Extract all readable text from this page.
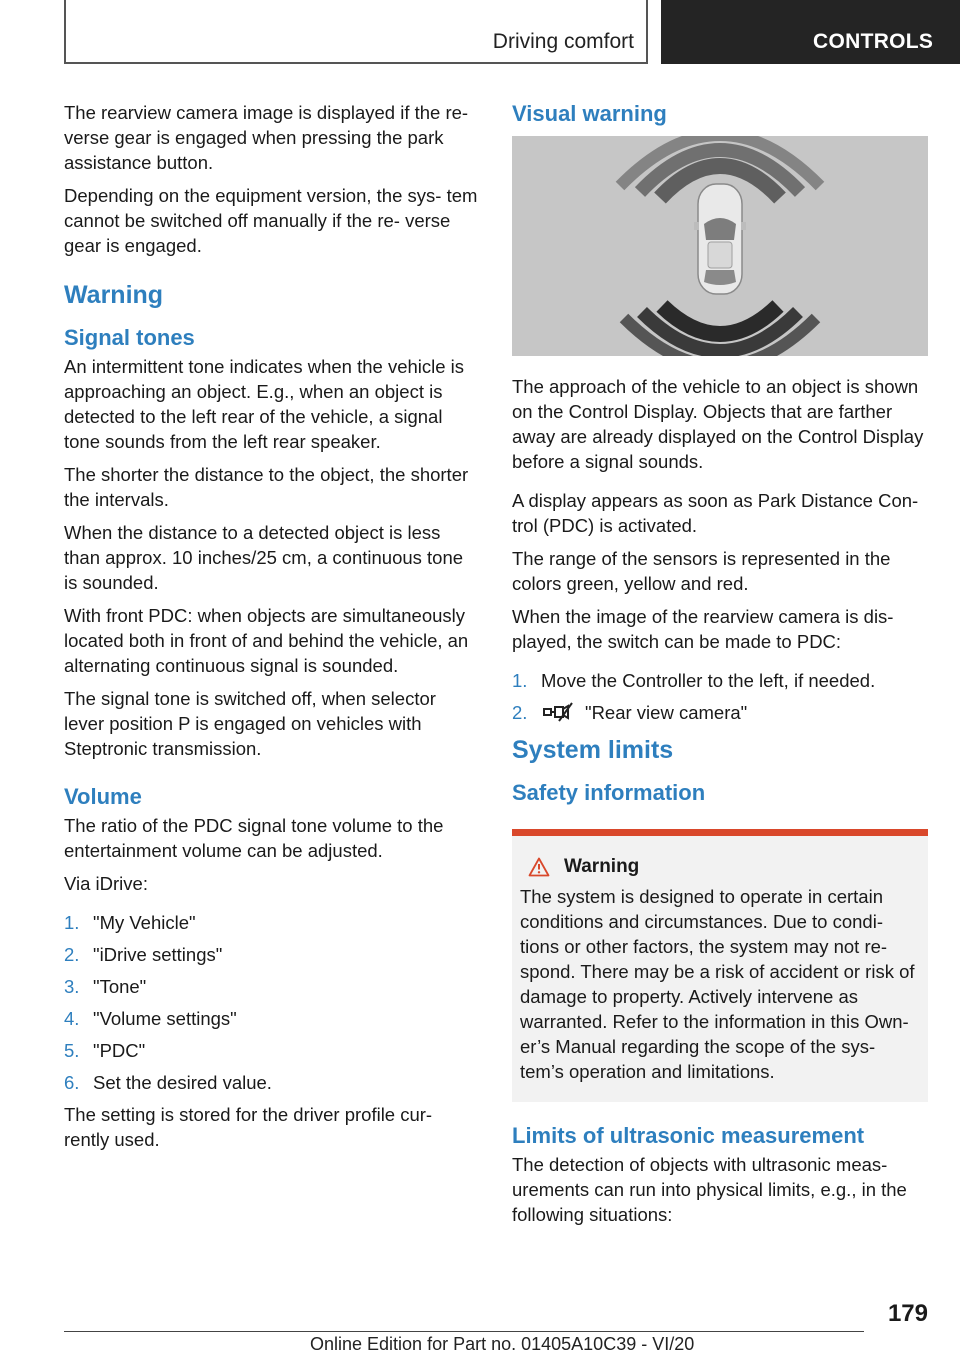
Driving comfort	CONTROLS

The rearview camera image is displayed if the re‐ verse gear is engaged when pressing the park assistance button.

Depending on the equipment version, the sys‐ tem cannot be switched off manually if the re‐ verse gear is engaged.

Warning
Signal tones

An intermittent tone indicates when the vehicle is approaching an object. E.g., when an object is detected to the left rear of the vehicle, a signal tone sounds from the left rear speaker.

The shorter the distance to the object, the shorter the intervals.

When the distance to a detected object is less than approx. 10 inches/25 cm, a continuous tone is sounded.

With front PDC: when objects are simultaneously located both in front of and behind the vehicle, an alternating continuous signal is sounded.

The signal tone is switched off, when selector lever position P is engaged on vehicles with Steptronic transmission.

Volume

The ratio of the PDC signal tone volume to the entertainment volume can be adjusted.

Via iDrive:

1. "My Vehicle"
2. "iDrive settings"
3. "Tone"
4. "Volume settings"
5. "PDC"
6. Set the desired value.

The setting is stored for the driver profile cur‐ rently used.

Visual warning

The approach of the vehicle to an object is shown on the Control Display. Objects that are farther away are already displayed on the Control Display before a signal sounds.

A display appears as soon as Park Distance Con‐ trol (PDC) is activated.

The range of the sensors is represented in the colors green, yellow and red.

When the image of the rearview camera is dis‐ played, the switch can be made to PDC:

1. Move the Controller to the left, if needed.
2.	"Rear view camera"
System limits
Safety information
Warning

The system is designed to operate in certain conditions and circumstances. Due to condi‐ tions or other factors, the system may not re‐ spond. There may be a risk of accident or risk of damage to property. Actively intervene as warranted. Refer to the information in this Own‐ er’s Manual regarding the scope of the sys‐ tem’s operation and limitations.

Limits of ultrasonic measurement

The detection of objects with ultrasonic meas‐ urements can run into physical limits, e.g., in the following situations:

179
Online Edition for Part no. 01405A10C39 - VI/20
